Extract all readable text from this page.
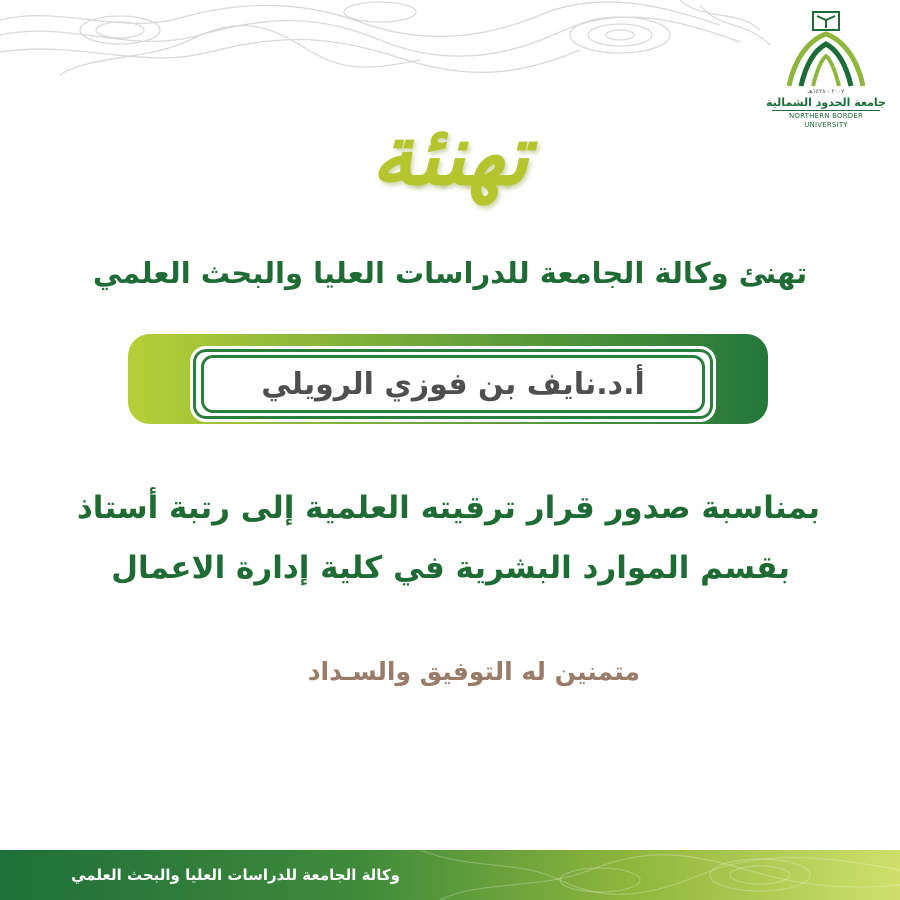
٢٠٠٧ - ١٤٢٨هـ
جامعة الحدود الشمالية
NORTHERN BORDER UNIVERSITY
تهنئة
تهنئ وكالة الجامعة للدراسات العليا والبحث العلمي
أ.د.نايف بن فوزي الرويلي
بمناسبة صدور قرار ترقيته العلمية إلى رتبة أستاذ
بقسم الموارد البشرية في كلية إدارة الاعمال
متمنين له التوفيق والسـداد
وكالة الجامعة للدراسات العليا والبحث العلمي
